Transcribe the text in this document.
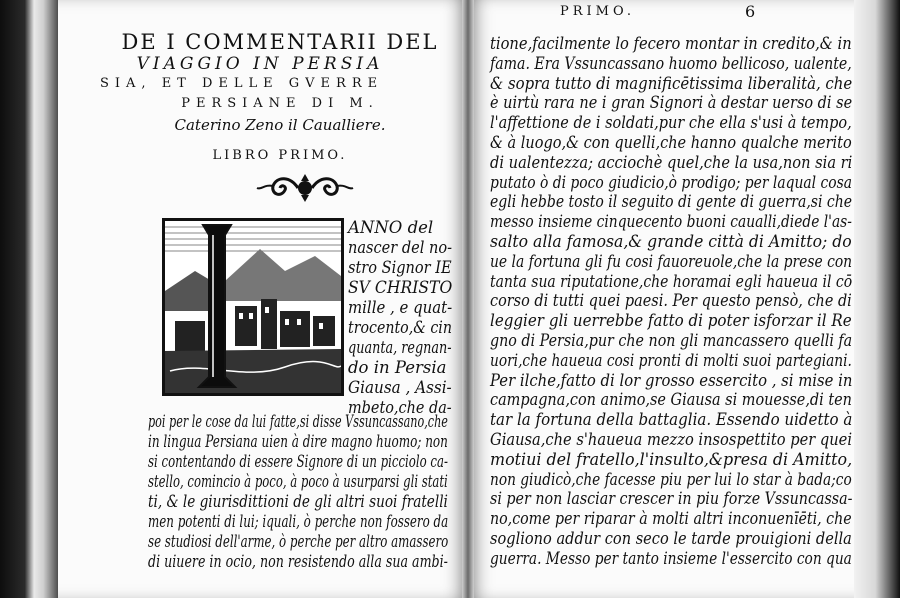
DE I COMMENTARII DEL
VIAGGIO IN PERSIA
SIA, ET DELLE GVERRE
PERSIANE DI M.
Caterino Zeno il Caualliere.
LIBRO PRIMO.
ANNO del
nascer del no-
stro Signor IE
SV CHRISTO
mille , e quat-
trocento,& cin
quanta, regnan-
do in Persia
Giausa , Assi-
mbeto,che da-
poi per le cose da lui fatte,si disse Vssuncassano,che
in lingua Persiana uien à dire magno huomo; non
si contentando di essere Signore di un picciolo ca-
stello, comincio à poco, à poco à usurparsi gli stati
ti, & le giurisdittioni de gli altri suoi fratelli
men potenti di lui; iquali, ò perche non fossero da
se studiosi dell'arme, ò perche per altro amassero
di uiuere in ocio, non resistendo alla sua ambi-
PRIMO.	6
tione,facilmente lo fecero montar in credito,& in
fama. Era Vssuncassano huomo bellicoso, ualente,
& sopra tutto di magnificētissima liberalità, che
è uirtù rara ne i gran Signori à destar uerso di se
l'affettione de i soldati,pur che ella s'usi à tempo,
& à luogo,& con quelli,che hanno qualche merito
di ualentezza; acciochè quel,che la usa,non sia ri
putato ò di poco giudicio,ò prodigo; per laqual cosa
egli hebbe tosto il seguito di gente di guerra,si che
messo insieme cinquecento buoni caualli,diede l'as-
salto alla famosa,& grande città di Amitto; do
ue la fortuna gli fu cosi fauoreuole,che la prese con
tanta sua riputatione,che horamai egli haueua il cō
corso di tutti quei paesi. Per questo pensò, che di
leggier gli uerrebbe fatto di poter isforzar il Re
gno di Persia,pur che non gli mancassero quelli fa
uori,che haueua cosi pronti di molti suoi partegiani.
Per ilche,fatto di lor grosso essercito , si mise in
campagna,con animo,se Giausa si mouesse,di ten
tar la fortuna della battaglia. Essendo uidetto à
Giausa,che s'haueua mezzo insospettito per quei
motiui del fratello,l'insulto,&presa di Amitto,
non giudicò,che facesse piu per lui lo star à bada;co
si per non lasciar crescer in piu forze Vssuncassa-
no,come per riparar à molti altri inconuenīēti, che
sogliono addur con seco le tarde prouigioni della
guerra. Messo per tanto insieme l'essercito con qua
